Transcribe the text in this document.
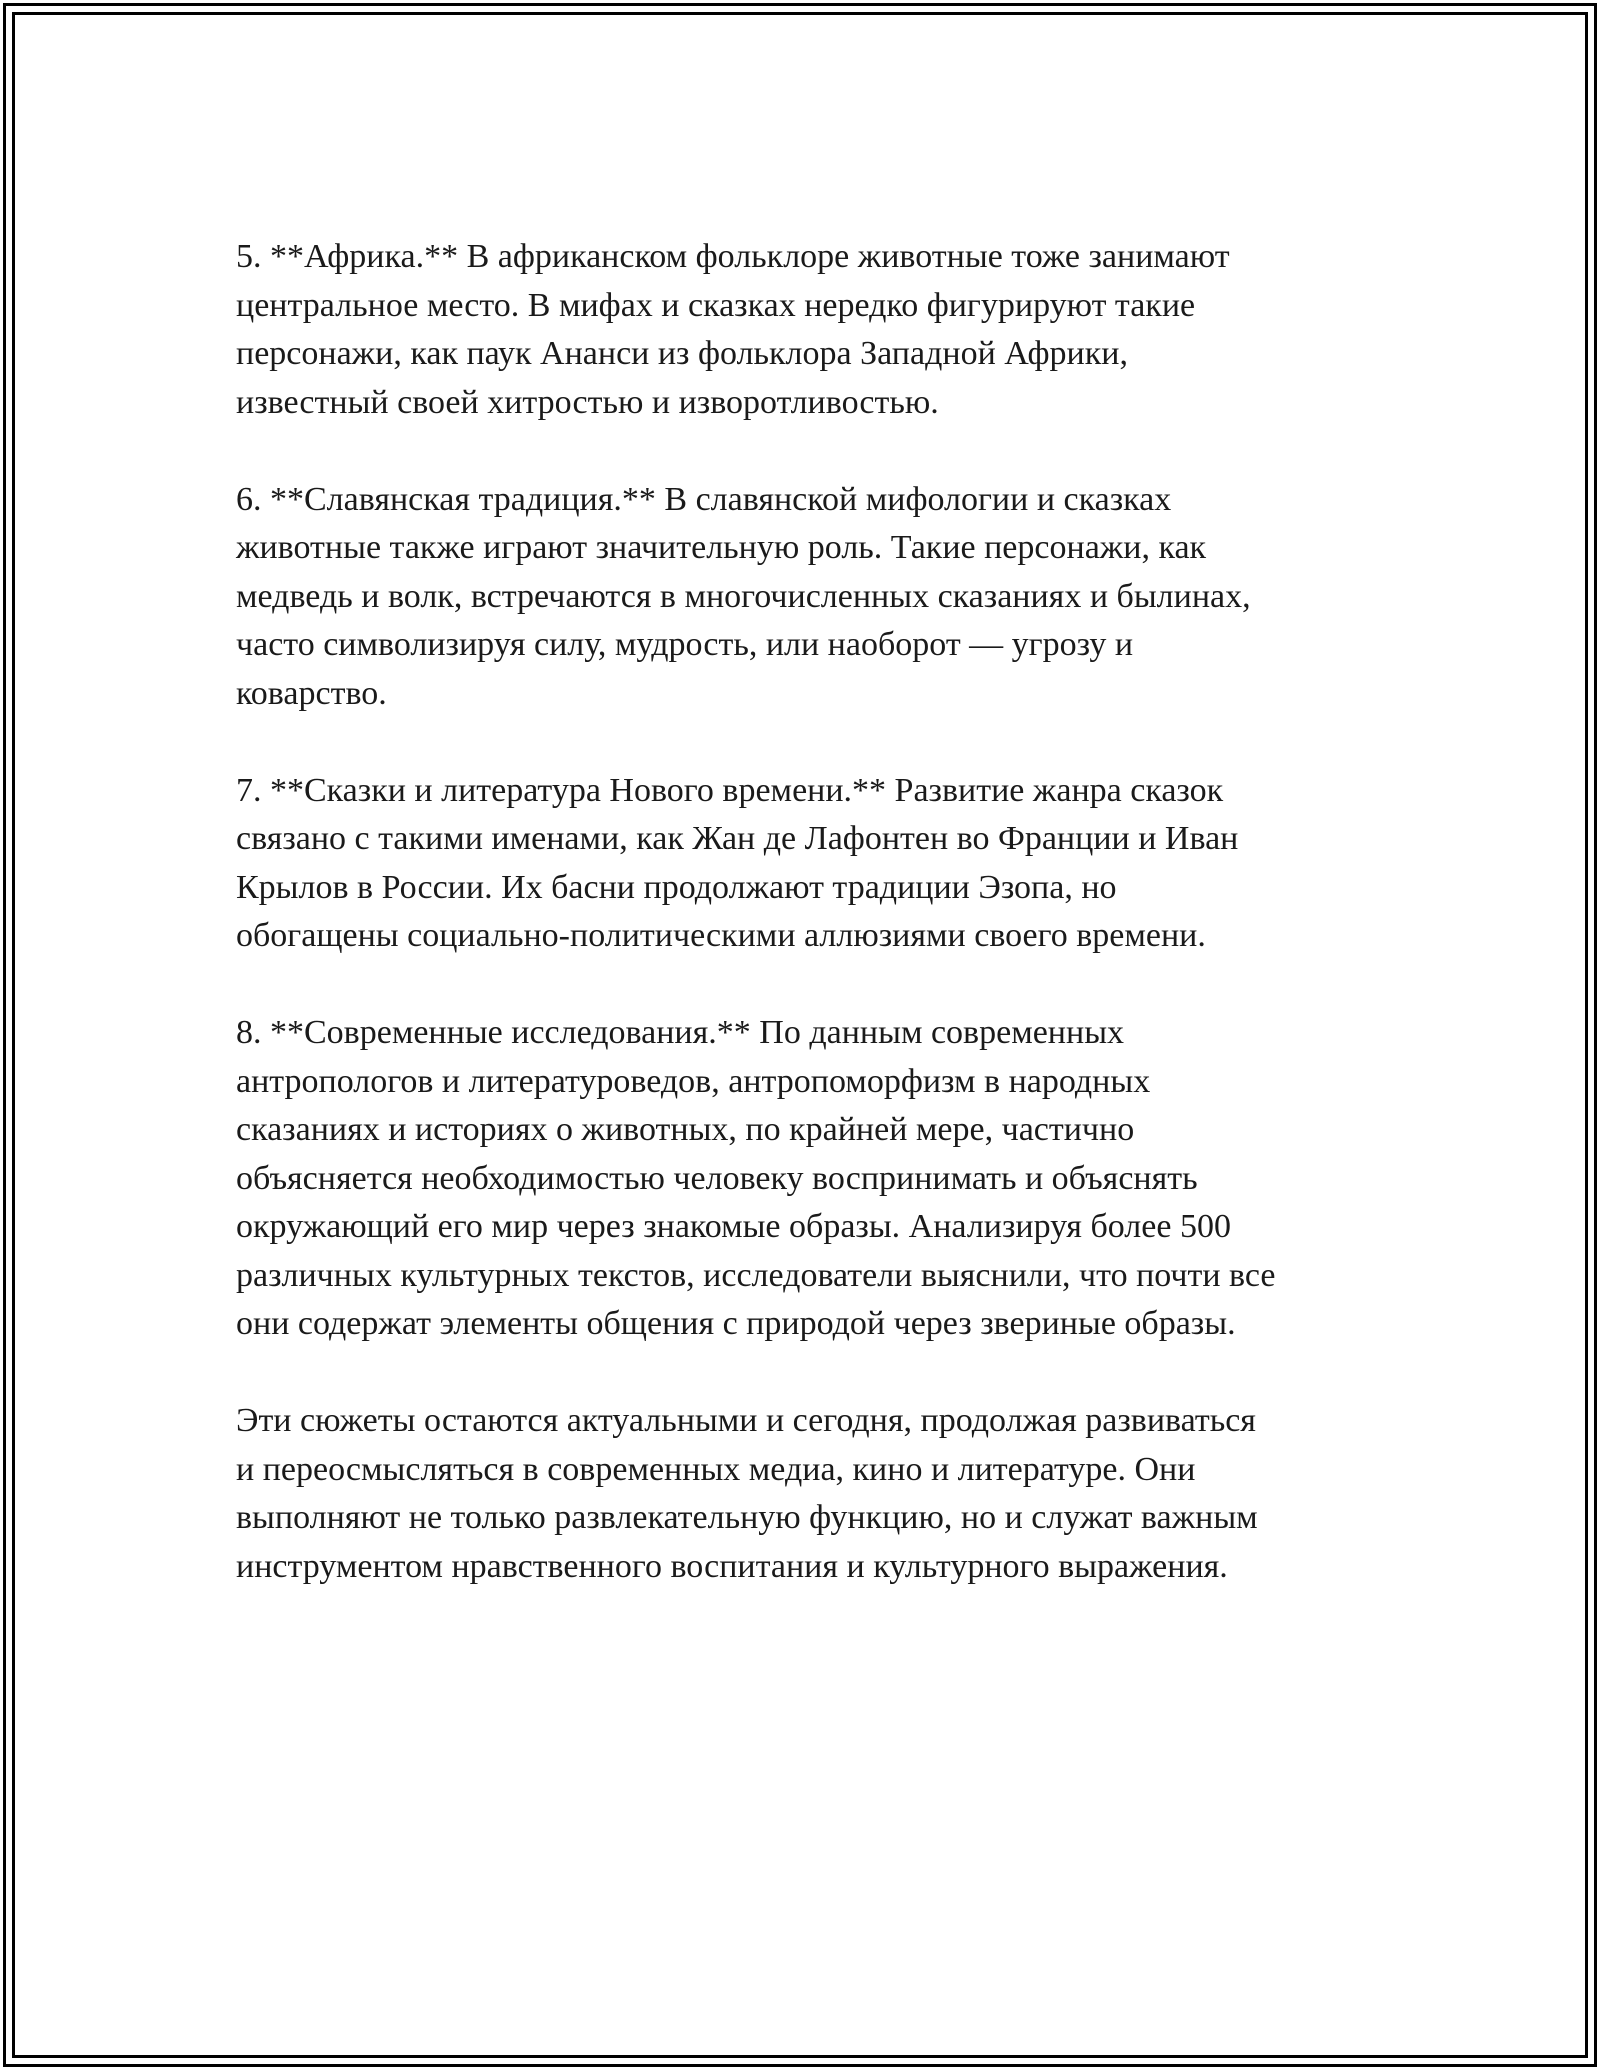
5. **Африка.** В африканском фольклоре животные тоже занимают
центральное место. В мифах и сказках нередко фигурируют такие
персонажи, как паук Ананси из фольклора Западной Африки,
известный своей хитростью и изворотливостью.
6. **Славянская традиция.** В славянской мифологии и сказках
животные также играют значительную роль. Такие персонажи, как
медведь и волк, встречаются в многочисленных сказаниях и былинах,
часто символизируя силу, мудрость, или наоборот — угрозу и
коварство.
7. **Сказки и литература Нового времени.** Развитие жанра сказок
связано с такими именами, как Жан де Лафонтен во Франции и Иван
Крылов в России. Их басни продолжают традиции Эзопа, но
обогащены социально-политическими аллюзиями своего времени.
8. **Современные исследования.** По данным современных
антропологов и литературоведов, антропоморфизм в народных
сказаниях и историях о животных, по крайней мере, частично
объясняется необходимостью человеку воспринимать и объяснять
окружающий его мир через знакомые образы. Анализируя более 500
различных культурных текстов, исследователи выяснили, что почти все
они содержат элементы общения с природой через звериные образы.
Эти сюжеты остаются актуальными и сегодня, продолжая развиваться
и переосмысляться в современных медиа, кино и литературе. Они
выполняют не только развлекательную функцию, но и служат важным
инструментом нравственного воспитания и культурного выражения.
